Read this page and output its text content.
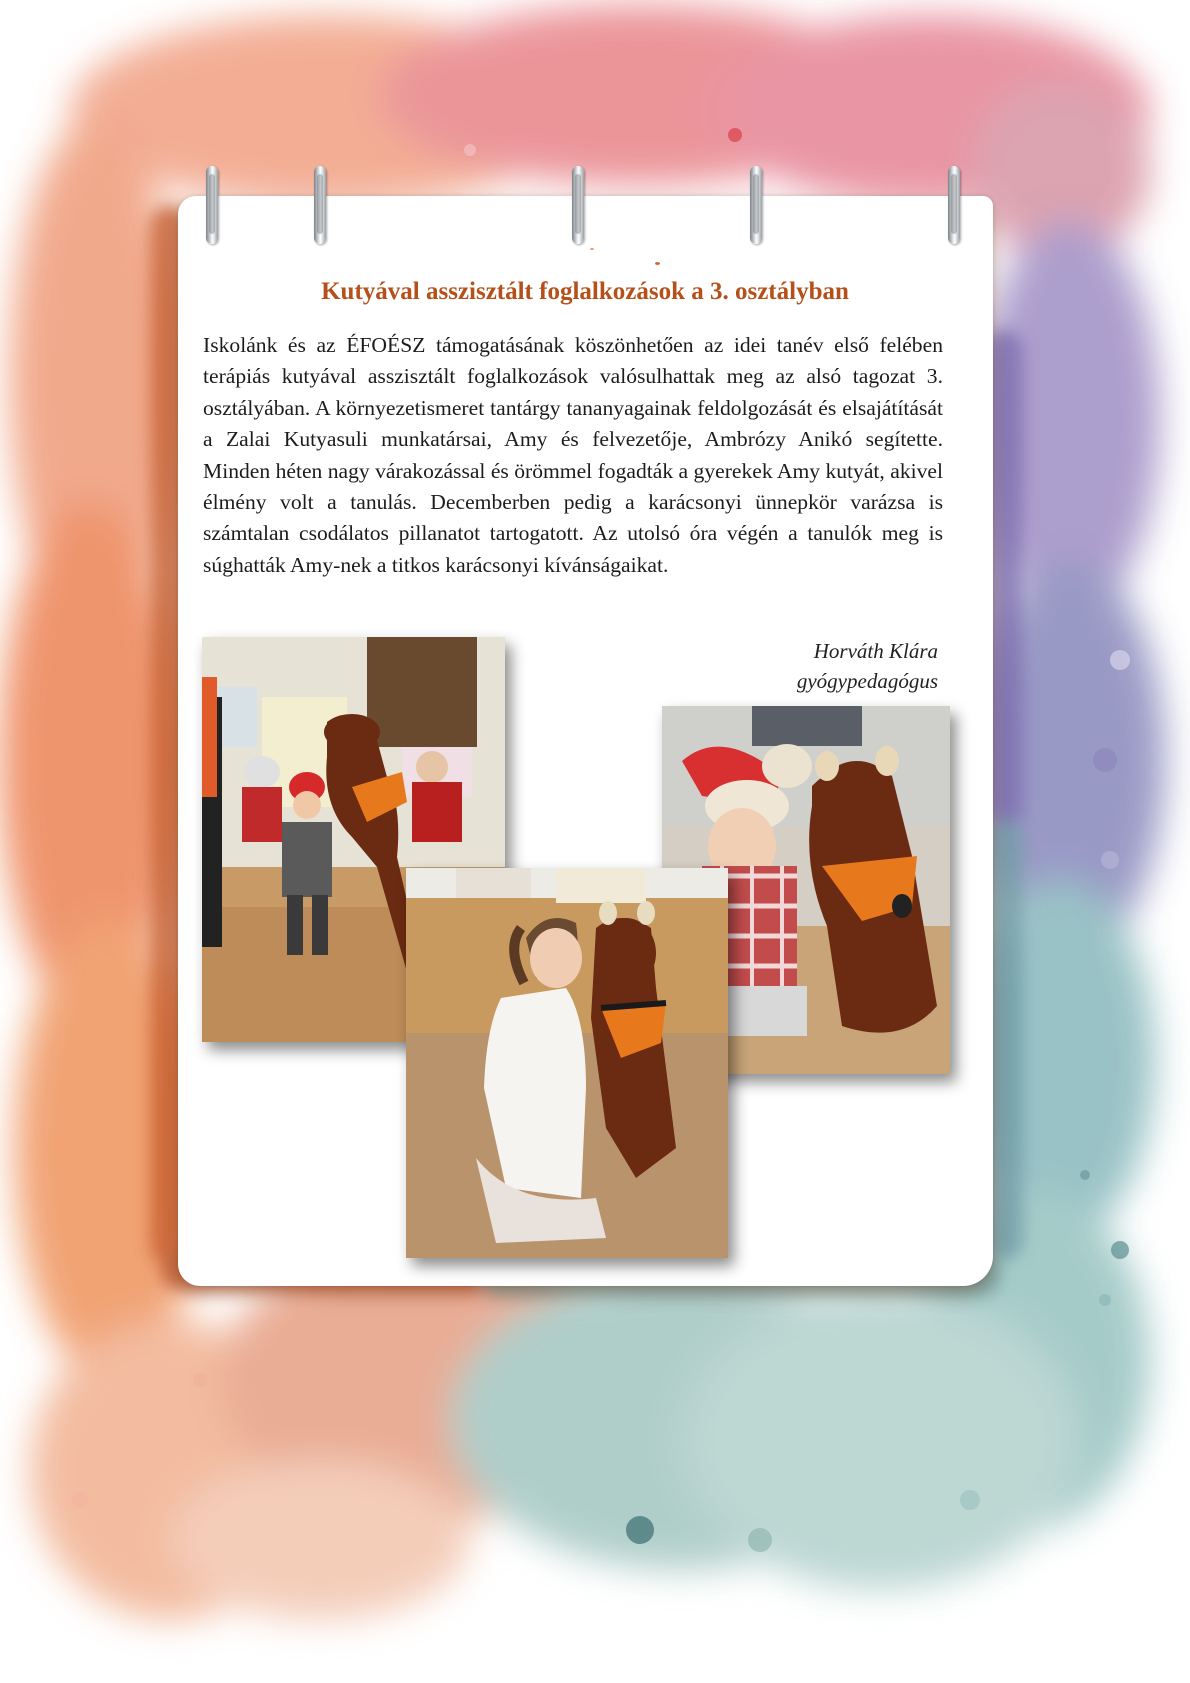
Kutyával asszisztált foglalkozások a 3. osztályban

Iskolánk és az ÉFOÉSZ támogatásának köszönhetően az idei tanév első felében terápiás kutyával asszisztált foglalkozások valósulhattak meg az alsó tagozat 3. osztályában. A környezetismeret tantárgy tananyagainak feldolgozását és elsajátítását a Zalai Kutyasuli munkatársai, Amy és felvezetője, Ambrózy Anikó segítette. Minden héten nagy várakozással és örömmel fogadták a gyerekek Amy kutyát, akivel élmény volt a tanulás. Decemberben pedig a karácsonyi ünnepkör varázsa is számtalan csodálatos pillanatot tartogatott. Az utolsó óra végén a tanulók meg is súghatták Amy-nek a titkos karácsonyi kívánságaikat.

Horváth Klára
gyógypedagógus
